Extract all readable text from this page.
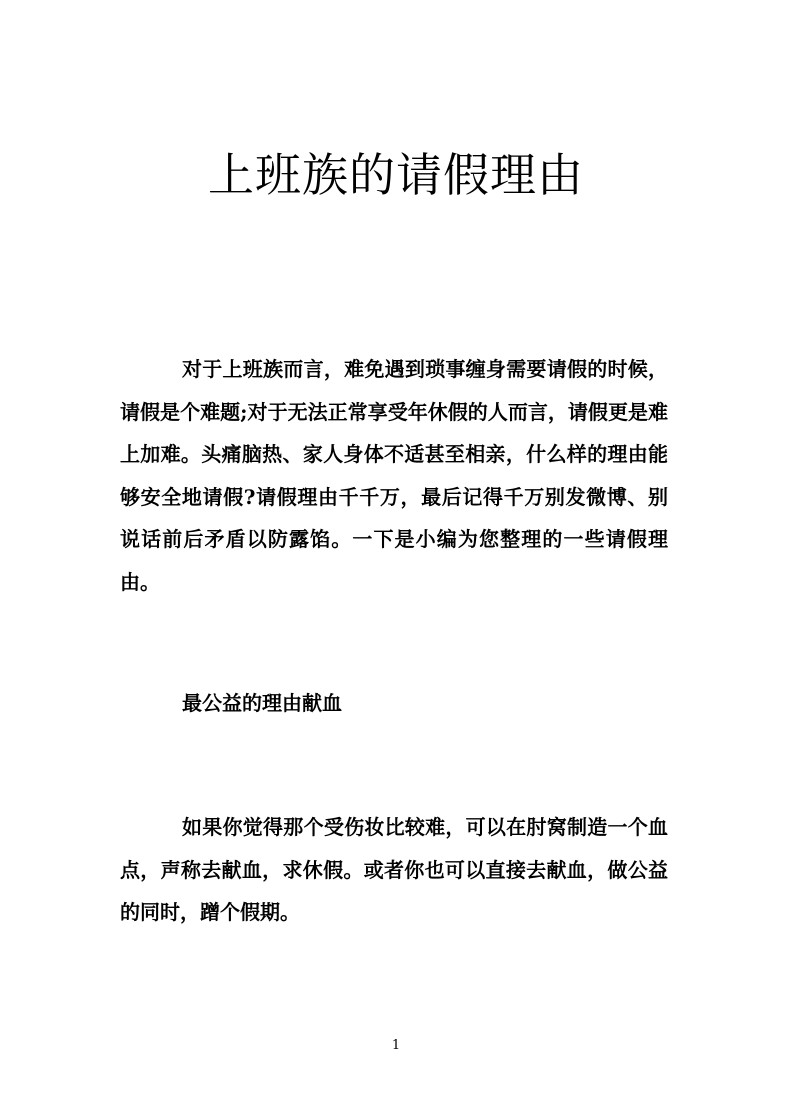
上班族的请假理由

对于上班族而言，难免遇到琐事缠身需要请假的时候，请假是个难题;对于无法正常享受年休假的人而言，请假更是难上加难。头痛脑热、家人身体不适甚至相亲，什么样的理由能够安全地请假?请假理由千千万，最后记得千万别发微博、别说话前后矛盾以防露馅。一下是小编为您整理的一些请假理由。

最公益的理由献血

如果你觉得那个受伤妆比较难，可以在肘窝制造一个血点，声称去献血，求休假。或者你也可以直接去献血，做公益的同时，蹭个假期。

1
